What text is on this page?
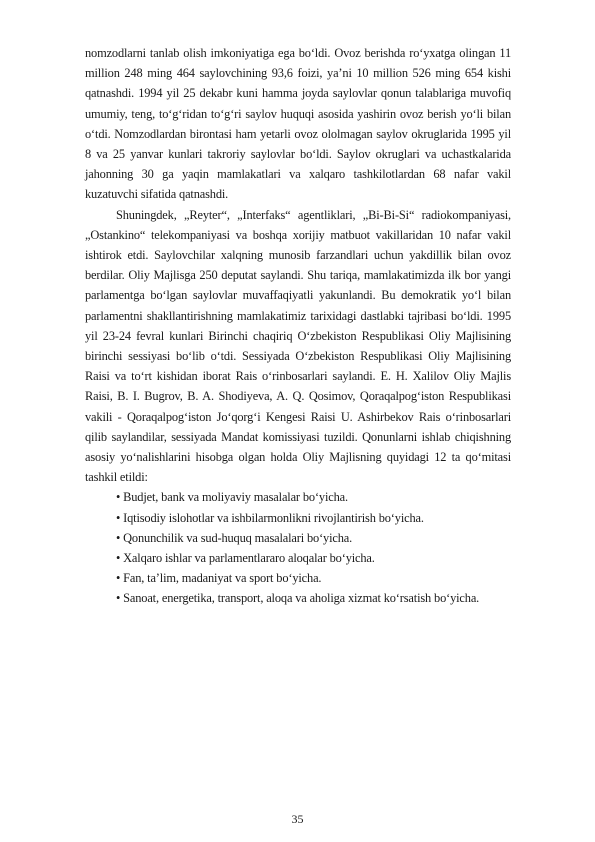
nomzodlarni tanlab olish imkoniyatiga ega bo‘ldi. Ovoz berishda ro‘yxatga olingan 11 million 248 ming 464 saylovchining 93,6 foizi, ya’ni 10 million 526 ming 654 kishi qatnashdi. 1994 yil 25 dekabr kuni hamma joyda saylovlar qonun talablariga muvofiq umumiy, teng, to‘g‘ridan to‘g‘ri saylov huquqi asosida yashirin ovoz berish yo‘li bilan o‘tdi. Nomzodlardan birontasi ham yetarli ovoz ololmagan saylov okruglarida 1995 yil 8 va 25 yanvar kunlari takroriy saylovlar bo‘ldi. Saylov okruglari va uchastkalarida jahonning 30 ga yaqin mamlakatlari va xalqaro tashkilotlardan 68 nafar vakil kuzatuvchi sifatida qatnashdi.

Shuningdek, „Reyter“, „Interfaks“ agentliklari, „Bi-Bi-Si“ radiokompaniyasi, „Ostankino“ telekompaniyasi va boshqa xorijiy matbuot vakillaridan 10 nafar vakil ishtirok etdi. Saylovchilar xalqning munosib farzandlari uchun yakdillik bilan ovoz berdilar. Oliy Majlisga 250 deputat saylandi. Shu tariqa, mamlakatimizda ilk bor yangi parlamentga bo‘lgan saylovlar muvaffaqiyatli yakunlandi. Bu demokratik yo‘l bilan parlamentni shakllantirishning mamlakatimiz tarixidagi dastlabki tajribasi bo‘ldi. 1995 yil 23-24 fevral kunlari Birinchi chaqiriq O‘zbekiston Respublikasi Oliy Majlisining birinchi sessiyasi bo‘lib o‘tdi. Sessiyada O‘zbekiston Respublikasi Oliy Majlisining Raisi va to‘rt kishidan iborat Rais o‘rinbosarlari saylandi. E. H. Xalilov Oliy Majlis Raisi, B. I. Bugrov, B. A. Shodiyeva, A. Q. Qosimov, Qoraqalpog‘iston Respublikasi vakili - Qoraqalpog‘iston Jo‘qorg‘i Kengesi Raisi U. Ashirbekov Rais o‘rinbosarlari qilib saylandilar, sessiyada Mandat komissiyasi tuzildi. Qonunlarni ishlab chiqishning asosiy yo‘nalishlarini hisobga olgan holda Oliy Majlisning quyidagi 12 ta qo‘mitasi tashkil etildi:

• Budjet, bank va moliyaviy masalalar bo‘yicha.
• Iqtisodiy islohotlar va ishbilarmonlikni rivojlantirish bo‘yicha.
• Qonunchilik va sud-huquq masalalari bo‘yicha.
• Xalqaro ishlar va parlamentlararo aloqalar bo‘yicha.
• Fan, ta’lim, madaniyat va sport bo‘yicha.
• Sanoat, energetika, transport, aloqa va aholiga xizmat ko‘rsatish bo‘yicha.
35
